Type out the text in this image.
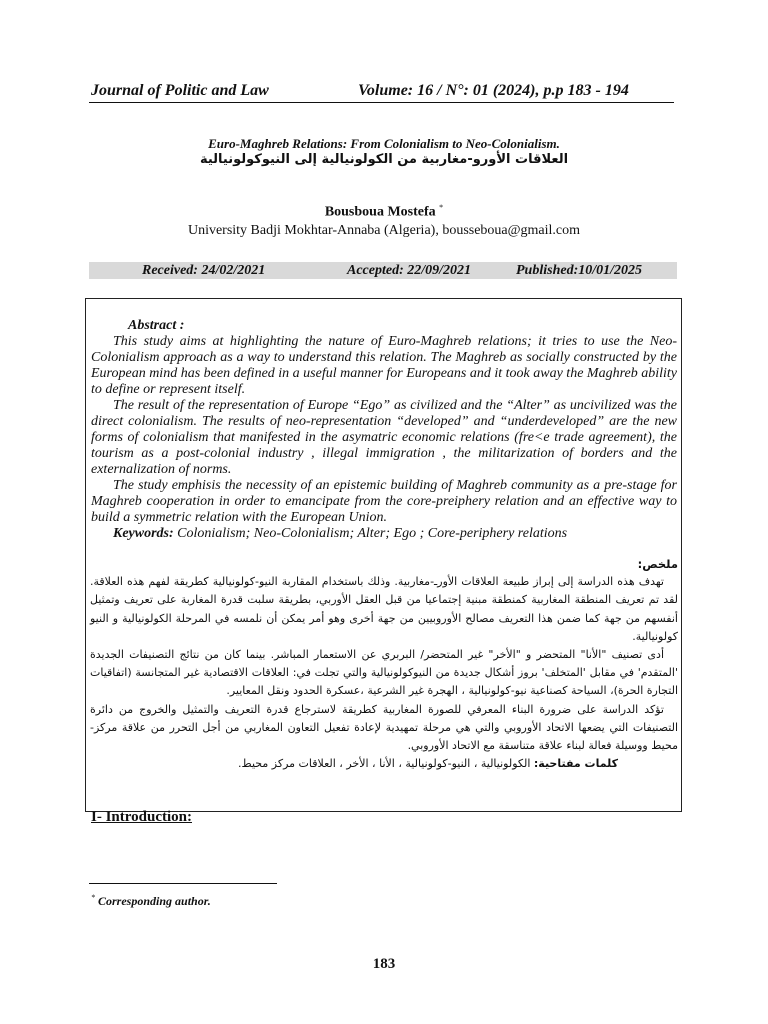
Journal of Politic and Law	Volume: 16 / N°: 01 (2024), p.p 183 - 194
Euro-Maghreb Relations: From Colonialism to Neo-Colonialism.
العلاقات الأورو-مغاربية من الكولونيالية إلى النيوكولونيالية
Bousboua Mostefa *
University Badji Mokhtar-Annaba (Algeria), bousseboua@gmail.com
Received: 24/02/2021	Accepted: 22/09/2021	Published:10/01/2025

Abstract :

This study aims at highlighting the nature of Euro-Maghreb relations; it tries to use the Neo-Colonialism approach as a way to understand this relation. The Maghreb as socially constructed by the European mind has been defined in a useful manner for Europeans and it took away the Maghreb ability to define or represent itself.

The result of the representation of Europe “Ego” as civilized and the “Alter” as uncivilized was the direct colonialism. The results of neo-representation “developed” and “underdeveloped” are the new forms of colonialism that manifested in the asymatric economic relations (fre<e trade agreement), the tourism as a post-colonial industry , illegal immigration , the militarization of borders and the externalization of norms.

The study emphisis the necessity of an epistemic building of Maghreb community as a pre-stage for Maghreb cooperation in order to emancipate from the core-preiphery relation and an effective way to build a symmetric relation with the European Union.

Keywords: Colonialism; Neo-Colonialism; Alter; Ego ; Core-periphery relations

ملخص:

تهدف هذه الدراسة إلى إبراز طبيعة العلاقات الأورـ-مغاربية. وذلك باستخدام المقاربة النيو-كولونيالية كطريقة لفهم هذه العلاقة. لقد تم تعريف المنطقة المغاربية كمنطقة مبنية إجتماعيا من قبل العقل الأوربي، بطريقة سلبت قدرة المغاربة على تعريف وتمثيل أنفسهم من جهة كما ضمن هذا التعريف مصالح الأوروبيين من جهة أخرى وهو أمر يمكن أن نلمسه في المرحلة الكولونيالية و النيو كولونيالية.

أدى تصنيف "الأنا" المتحضر و "الأخر" غير المتحضر/ البربري عن الاستعمار المباشر. بينما كان من نتائج التصنيفات الجديدة 'المتقدم' في مقابل 'المتخلف' بروز أشكال جديدة من النيوكولونيالية والتي تجلت في: العلاقات الاقتصادية غير المتجانسة (اتفاقيات التجارة الحرة)، السياحة كصناعية نيو-كولونيالية ، الهجرة غير الشرعية ،عسكرة الحدود ونقل المعايير.

تؤكد الدراسة على ضرورة البناء المعرفي للصورة المغاربية كطريقة لاسترجاع قدرة التعريف والتمثيل والخروج من دائرة التصنيفات التي يضعها الاتحاد الأوروبي والتي هي مرحلة تمهيدية لإعادة تفعيل التعاون المغاربي من أجل التحرر من علاقة مركز-محيط ووسيلة فعالة لبناء علاقة متناسقة مع الاتحاد الأوروبي.

كلمات مفتاحية: الكولونيالية ، النيو-كولونيالية ، الأنا ، الأخر ، العلاقات مركز محيط.

I- Introduction:
* Corresponding author.
183
